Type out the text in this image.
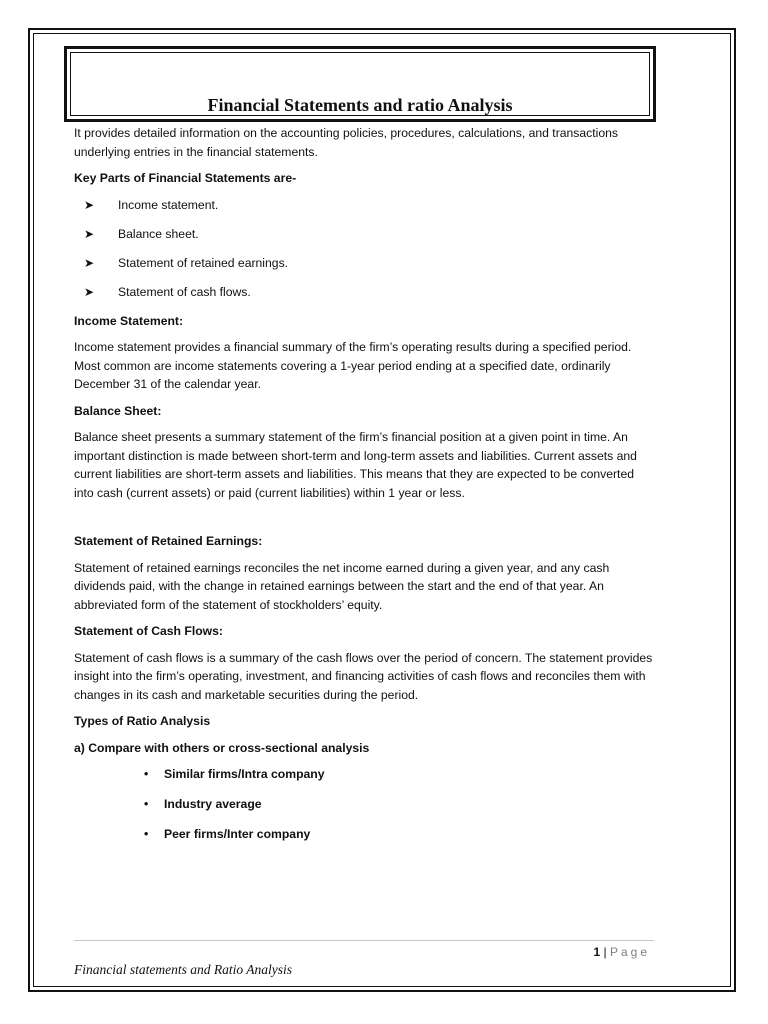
Financial Statements and ratio Analysis

It provides detailed information on the accounting policies, procedures, calculations, and transactions underlying entries in the financial statements.

Key Parts of Financial Statements are-

➤ Income statement.
➤ Balance sheet.
➤ Statement of retained earnings.
➤ Statement of cash flows.

Income Statement:

Income statement provides a financial summary of the firm’s operating results during a specified period. Most common are income statements covering a 1-year period ending at a specified date, ordinarily December 31 of the calendar year.

Balance Sheet:

Balance sheet presents a summary statement of the firm’s financial position at a given point in time. An important distinction is made between short-term and long-term assets and liabilities. Current assets and current liabilities are short-term assets and liabilities. This means that they are expected to be converted into cash (current assets) or paid (current liabilities) within 1 year or less.

Statement of Retained Earnings:

Statement of retained earnings reconciles the net income earned during a given year, and any cash dividends paid, with the change in retained earnings between the start and the end of that year. An abbreviated form of the statement of stockholders’ equity.

Statement of Cash Flows:

Statement of cash flows is a summary of the cash flows over the period of concern. The statement provides insight into the firm’s operating, investment, and financing activities of cash flows and reconciles them with changes in its cash and marketable securities during the period.

Types of Ratio Analysis

a) Compare with others or cross-sectional analysis

• Similar firms/Intra company
• Industry average
• Peer firms/Inter company
1 | Page
Financial statements and Ratio Analysis
